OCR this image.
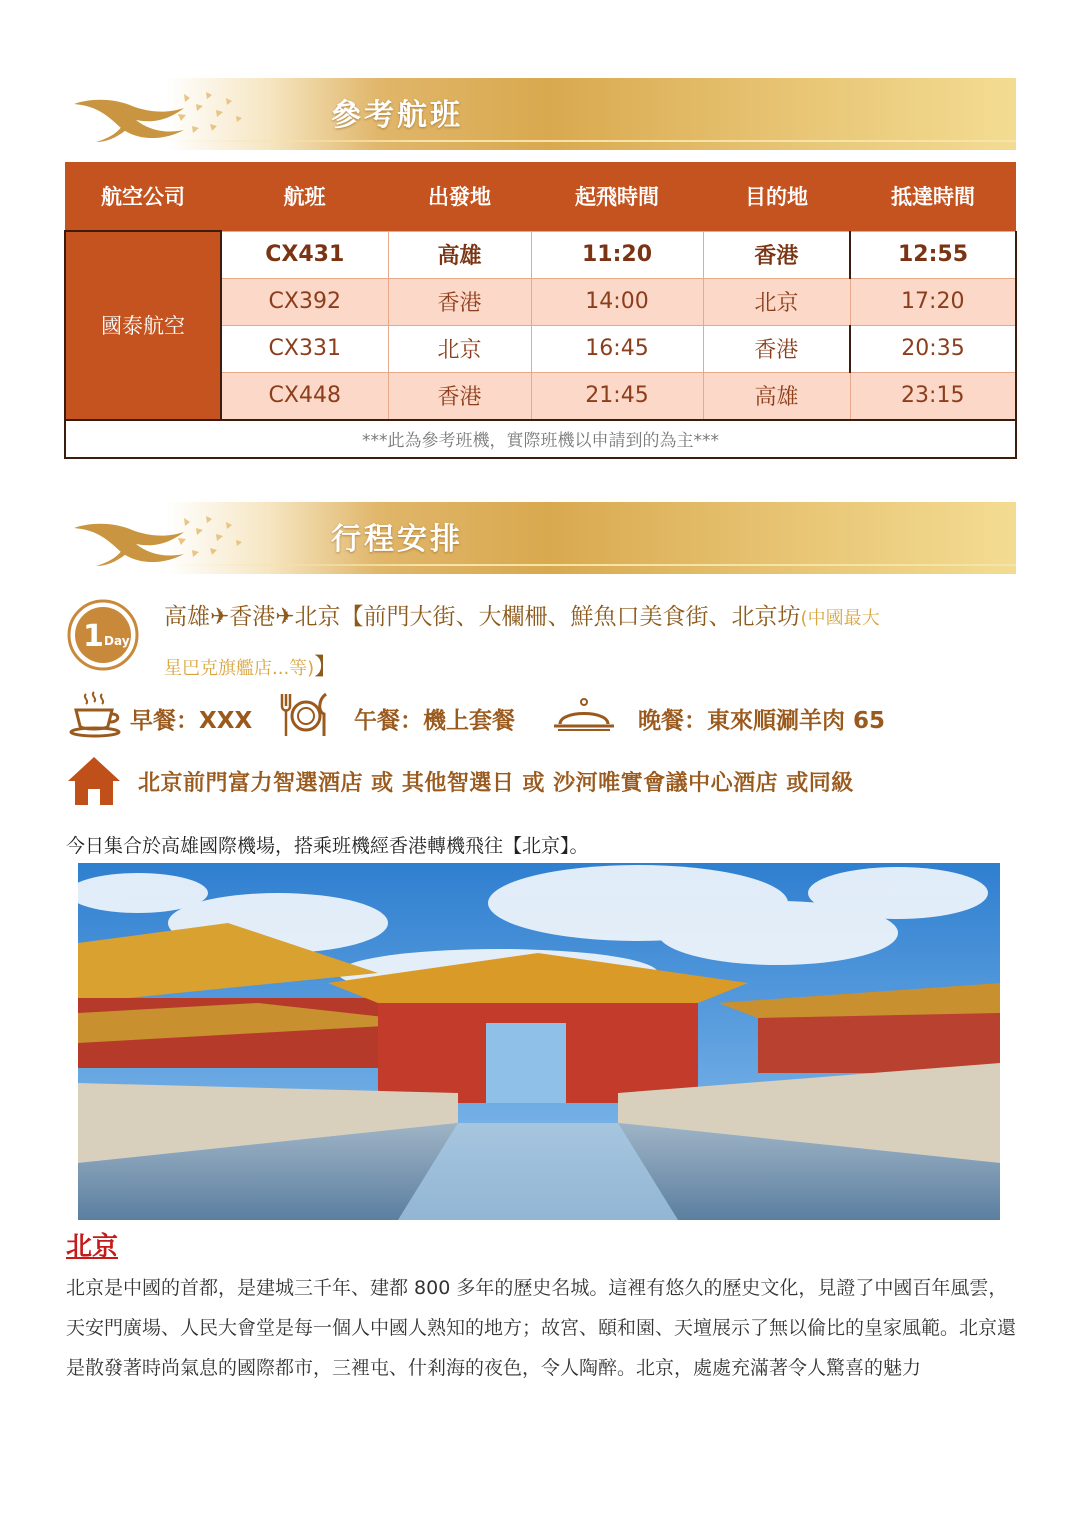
參考航班
航空公司	航班	出發地	起飛時間	目的地	抵達時間
國泰航空	CX431	高雄	11:20	香港	12:55
	CX392	香港	14:00	北京	17:20
	CX331	北京	16:45	香港	20:35
	CX448	香港	21:45	高雄	23:15
***此為參考班機，實際班機以申請到的為主***					
行程安排
1 Day
高雄✈香港✈北京【前門大街、大欄柵、鮮魚口美食街、北京坊(中國最大
星巴克旗艦店...等)】
早餐：XXX	午餐：機上套餐	晚餐：東來順涮羊肉 65
北京前門富力智選酒店 或 其他智選日 或 沙河唯實會議中心酒店 或同級
今日集合於高雄國際機場，搭乘班機經香港轉機飛往【北京】。
北京
北京是中國的首都，是建城三千年、建都 800 多年的歷史名城。這裡有悠久的歷史文化，見證了中國百年風雲，天安門廣場、人民大會堂是每一個人中國人熟知的地方；故宮、頤和園、天壇展示了無以倫比的皇家風範。北京還是散發著時尚氣息的國際都市，三裡屯、什剎海的夜色，令人陶醉。北京，處處充滿著令人驚喜的魅力
